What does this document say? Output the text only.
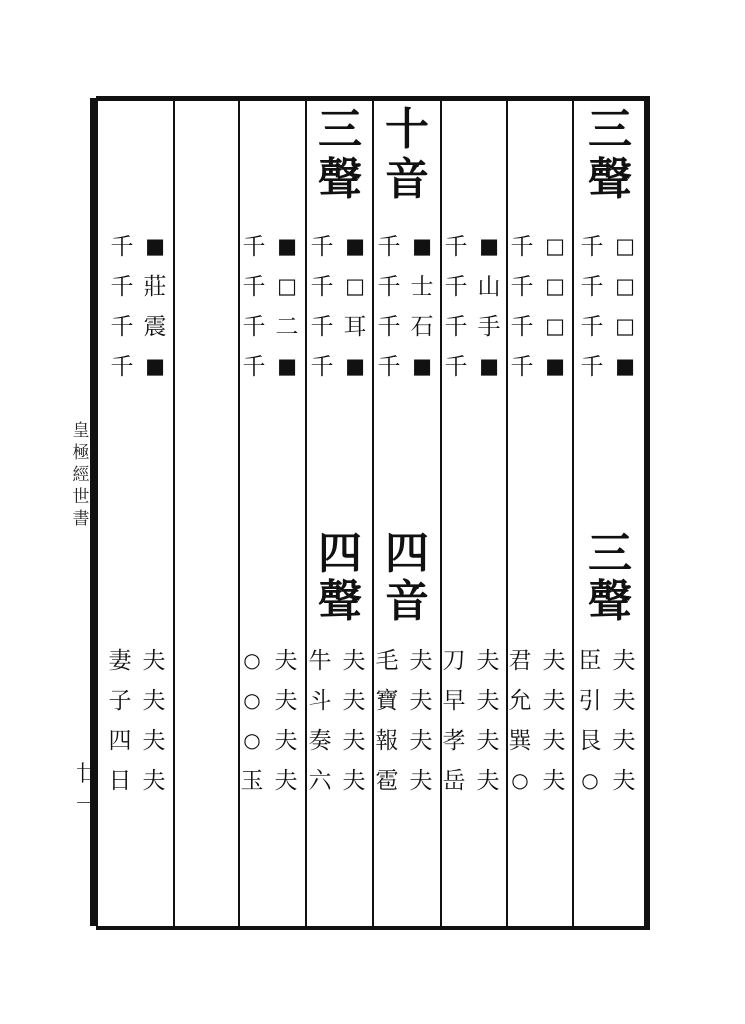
皇極經世書
廿一
三
聲
□
□
□
■
千
千
千
千
三
聲
夫
夫
夫
夫
臣
引
艮
○
□
□
□
■
千
千
千
千
夫
夫
夫
夫
君
允
巽
○
■
山
手
■
千
千
千
千
夫
夫
夫
夫
刀
早
孝
岳
十
音
■
士
石
■
千
千
千
千
四
音
夫
夫
夫
夫
毛
寶
報
雹
三
聲
■
□
耳
■
千
千
千
千
四
聲
夫
夫
夫
夫
牛
斗
奏
六
■
□
二
■
千
千
千
千
夫
夫
夫
夫
○
○
○
玉
■
莊
震
■
千
千
千
千
夫
夫
夫
夫
妻
子
四
日
